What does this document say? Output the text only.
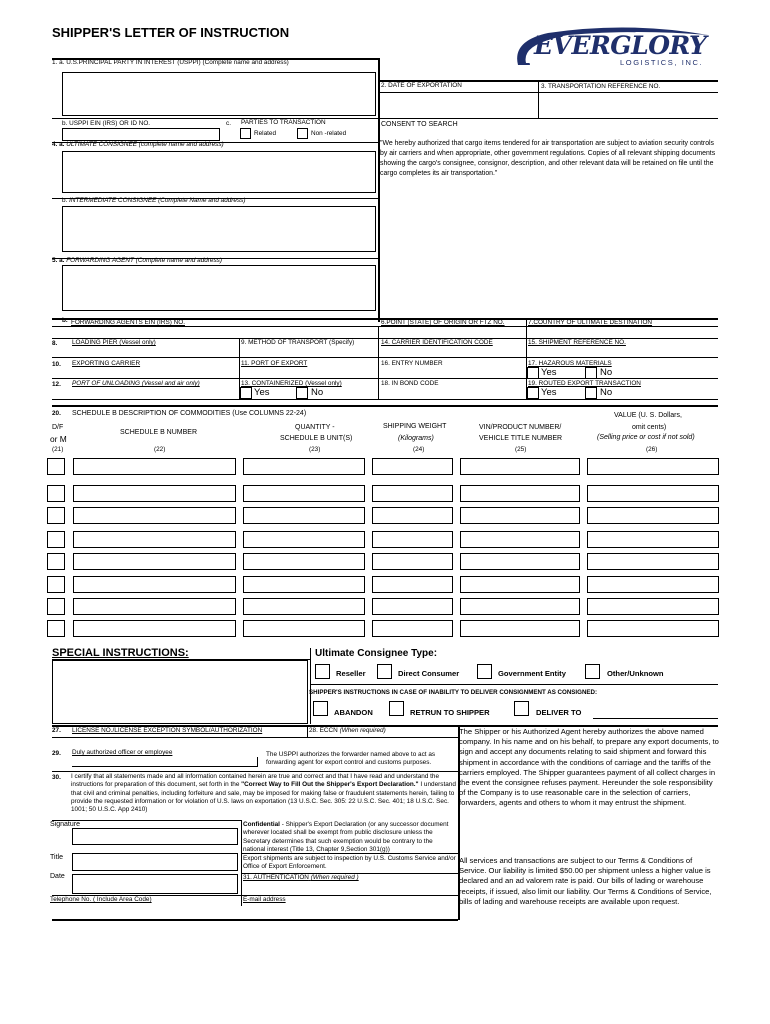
SHIPPER'S LETTER OF INSTRUCTION	EVERGLORY
LOGISTICS, INC.
1. a. U.S.PRINCIPAL PARTY IN INTEREST (USPPI) (Complete name and address)
2. DATE OF EXPORTATION	3. TRANSPORTATION REFERENCE NO.
b. USPPI EIN (IRS) OR ID NO.	c. PARTIES TO TRANSACTION
Related	Non -related
CONSENT TO SEARCH
"We hereby authorized that cargo items tendered for air transportation are subject to aviation security controls by air carriers and when appropriate, other government regulations. Copies of all relevant shipping documents showing the cargo's consignee, consignor, description, and other relevant data will be retained on file until the cargo completes its air transportation."
4. a. ULTIMATE CONSIGNEE (complete name and address)
b. INTERMEDIATE CONSIGNEE (Complete Name and address)
5. a. FORWARDING AGENT (Complete name and address)
b. FORWARDING AGENTS EIN (IRS) NO.	6.POINT (STATE) OF ORIGIN OR FTZ NO.	7.COUNTRY OF ULTIMATE DESTINATION
8. LOADING PIER (Vessel only)	9. METHOD OF TRANSPORT (Specify)	14. CARRIER IDENTIFICATION CODE	15. SHIPMENT REFERENCE NO.
10. EXPORTING CARRIER	11. PORT OF EXPORT	16. ENTRY NUMBER	17. HAZAROUS MATERIALS
Yes	No
12. PORT OF UNLOADING (Vessel and air only)	13. CONTAINERIZED (Vessel only)
Yes	No
18. IN BOND CODE	19. ROUTED EXPORT TRANSACTION
Yes	No
20. SCHEDULE B DESCRIPTION OF COMMODITIES (Use COLUMNS 22-24)
D/F
or M
SCHEDULE B NUMBER
QUANTITY -
SCHEDULE B UNIT(S)
SHIPPING WEIGHT
(Kilograms)
VIN/PRODUCT NUMBER/
VEHICLE TITLE NUMBER
VALUE (U. S. Dollars,
omit cents)
(Selling price or cost if not sold)
(21)	(22)	(23)	(24)	(25)	(26)
SPECIAL INSTRUCTIONS:	Ultimate Consignee Type:
Reseller	Direct Consumer	Government Entity	Other/Unknown
SHIPPER'S INSTRUCTIONS IN CASE OF INABILITY TO DELIVER CONSIGNMENT AS CONSIGNED:
ABANDON	RETRUN TO SHIPPER	DELIVER TO
27. LICENSE NO./LICENSE EXCEPTION SYMBOL/AUTHORIZATION	28. ECCN (When required)
29. Duly authorized officer or employee	The USPPI authorizes the forwarder named above to act as forwarding agent for export control and customs purposes.
30. I certify that all statements made and all information contained herein are true and correct and that I have read and understand the instructions for preparation of this document, set forth in the "Correct Way to Fill Out the Shipper's Export Declaration." I understand that civil and criminal penalties, including forfeiture and sale, may be imposed for making false or fraudulent statements herein, failing to provide the requested information or for violation of U.S. laws on exportation (13 U.S.C. Sec. 305: 22 U.S.C. Sec. 401; 18 U.S.C. Sec. 1001; 50 U.S.C. App 2410)
Signature	Confidential - Shipper's Export Declaration (or any successor document wherever located shall be exempt from public disclosure unless the Secretary determines that such exemption would be contrary to the national interest (Title 13, Chapter 9,Section 301(g))
Title	Export shipments are subject to inspection by U.S. Customs Service and/or Office of Export Enforcement.
Date	31. AUTHENTICATION (When required )
Telephone No. ( Include Area Code)	E-mail address
The Shipper or his Authorized Agent hereby authorizes the above named company. In his name and on his behalf, to prepare any export documents, to sign and accept any documents relating to said shipment and forward this shipment in accordance with the conditions of carriage and the tariffs of the carriers employed. The Shipper guarantees payment of all collect charges in the event the consignee refuses payment. Hereunder the sole responsibility of the Company is to use reasonable care in the selection of carriers, forwarders, agents and others to whom it may entrust the shipment.
All services and transactions are subject to our Terms & Conditions of Service. Our liability is limited $50.00 per shipment unless a higher value is declared and an ad valorem rate is paid. Our bills of lading or warehouse receipts, if issued, also limit our liability. Our Terms & Conditions of Service, bills of lading and warehouse receipts are available upon request.
